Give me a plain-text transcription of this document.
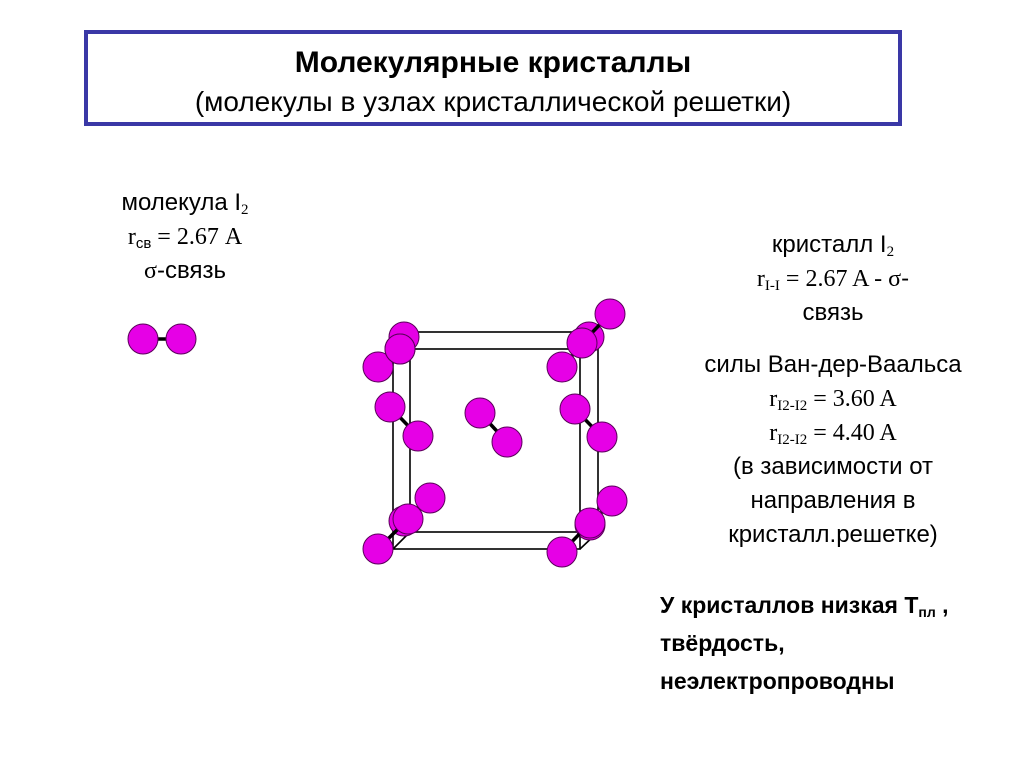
Молекулярные кристаллы
(молекулы в узлах кристаллической решетки)
молекула $I_2$
$r_{св} = 2.67$ A
σ-связь
кристалл $I_2$
$r_{I-I} = 2.67$ A - σ-
связь
силы Ван-дер-Ваальса
$r_{I2-I2} = 3.60$ A
$r_{I2-I2} = 4.40$ A
(в зависимости от
направления в
кристалл.решетке)
У кристаллов низкая $Т_{пл}$ ,
твёрдость,
неэлектропроводны
